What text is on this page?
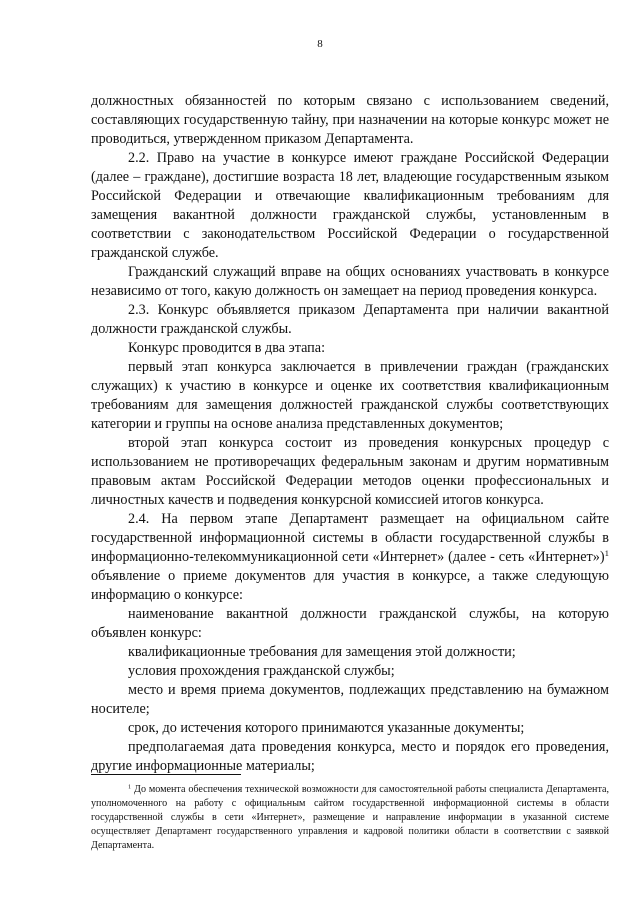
8

должностных обязанностей по которым связано с использованием сведений, составляющих государственную тайну, при назначении на которые конкурс может не проводиться, утвержденном приказом Департамента.

2.2. Право на участие в конкурсе имеют граждане Российской Федерации (далее – граждане), достигшие возраста 18 лет, владеющие государственным языком Российской Федерации и отвечающие квалификационным требованиям для замещения вакантной должности гражданской службы, установленным в соответствии с законодательством Российской Федерации о государственной гражданской службе.

Гражданский служащий вправе на общих основаниях участвовать в конкурсе независимо от того, какую должность он замещает на период проведения конкурса.

2.3. Конкурс объявляется приказом Департамента при наличии вакантной должности гражданской службы.

Конкурс проводится в два этапа:

первый этап конкурса заключается в привлечении граждан (гражданских служащих) к участию в конкурсе и оценке их соответствия квалификационным требованиям для замещения должностей гражданской службы соответствующих категории и группы на основе анализа представленных документов;

второй этап конкурса состоит из проведения конкурсных процедур с использованием не противоречащих федеральным законам и другим нормативным правовым актам Российской Федерации методов оценки профессиональных и личностных качеств и подведения конкурсной комиссией итогов конкурса.

2.4. На первом этапе Департамент размещает на официальном сайте государственной информационной системы в области государственной службы в информационно-телекоммуникационной сети «Интернет» (далее - сеть «Интернет»)$^1$ объявление о приеме документов для участия в конкурсе, а также следующую информацию о конкурсе:

наименование вакантной должности гражданской службы, на которую объявлен конкурс:

квалификационные требования для замещения этой должности;

условия прохождения гражданской службы;

место и время приема документов, подлежащих представлению на бумажном носителе;

срок, до истечения которого принимаются указанные документы;

предполагаемая дата проведения конкурса, место и порядок его проведения, другие информационные материалы;

$^1$ До момента обеспечения технической возможности для самостоятельной работы специалиста Департамента, уполномоченного на работу с официальным сайтом государственной информационной системы в области государственной службы в сети «Интернет», размещение и направление информации в указанной системе осуществляет Департамент государственного управления и кадровой политики области в соответствии с заявкой Департамента.
